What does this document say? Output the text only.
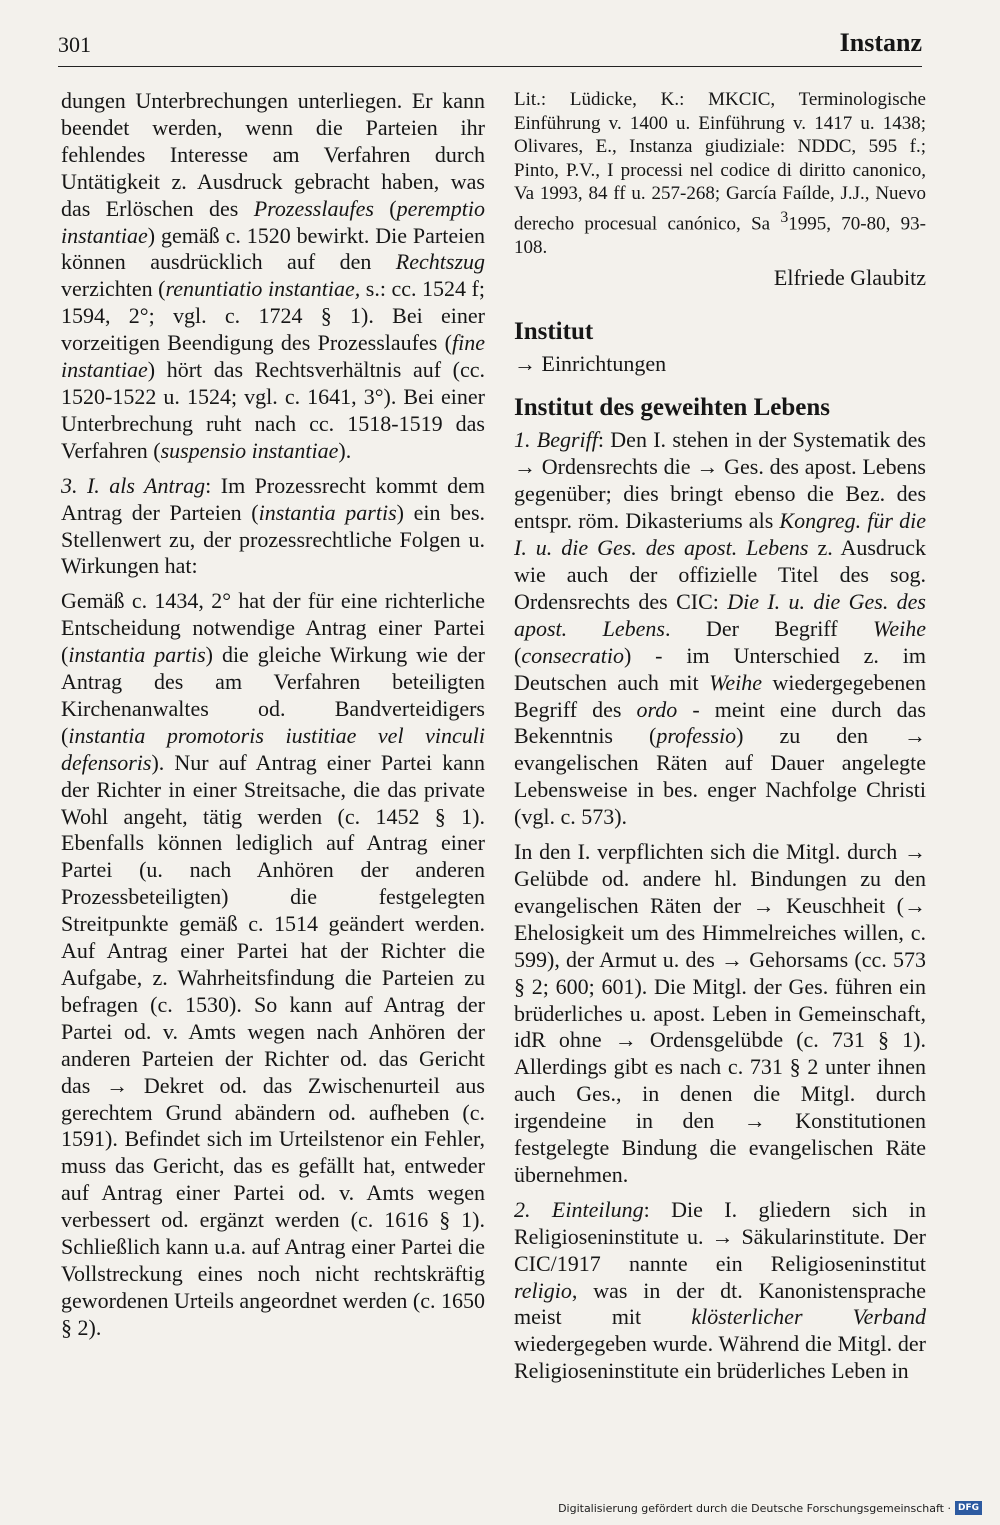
301	Instanz

dungen Unterbrechungen unterliegen. Er kann beendet werden, wenn die Parteien ihr fehlendes Interesse am Verfahren durch Untätigkeit z. Ausdruck gebracht haben, was das Erlöschen des Prozesslaufes (peremptio instantiae) gemäß c. 1520 bewirkt. Die Parteien können ausdrücklich auf den Rechtszug verzichten (renuntiatio instantiae, s.: cc. 1524 f; 1594, 2°; vgl. c. 1724 § 1). Bei einer vorzeitigen Beendigung des Prozesslaufes (fine instantiae) hört das Rechtsverhältnis auf (cc. 1520-1522 u. 1524; vgl. c. 1641, 3°). Bei einer Unterbrechung ruht nach cc. 1518-1519 das Verfahren (suspensio instantiae).

3. I. als Antrag: Im Prozessrecht kommt dem Antrag der Parteien (instantia partis) ein bes. Stellenwert zu, der prozessrechtliche Folgen u. Wirkungen hat:

Gemäß c. 1434, 2° hat der für eine richterliche Entscheidung notwendige Antrag einer Partei (instantia partis) die gleiche Wirkung wie der Antrag des am Verfahren beteiligten Kirchenanwaltes od. Bandverteidigers (instantia promotoris iustitiae vel vinculi defensoris). Nur auf Antrag einer Partei kann der Richter in einer Streitsache, die das private Wohl angeht, tätig werden (c. 1452 § 1). Ebenfalls können lediglich auf Antrag einer Partei (u. nach Anhören der anderen Prozessbeteiligten) die festgelegten Streitpunkte gemäß c. 1514 geändert werden. Auf Antrag einer Partei hat der Richter die Aufgabe, z. Wahrheitsfindung die Parteien zu befragen (c. 1530). So kann auf Antrag der Partei od. v. Amts wegen nach Anhören der anderen Parteien der Richter od. das Gericht das → Dekret od. das Zwischenurteil aus gerechtem Grund abändern od. aufheben (c. 1591). Befindet sich im Urteilstenor ein Fehler, muss das Gericht, das es gefällt hat, entweder auf Antrag einer Partei od. v. Amts wegen verbessert od. ergänzt werden (c. 1616 § 1). Schließlich kann u.a. auf Antrag einer Partei die Vollstreckung eines noch nicht rechtskräftig gewordenen Urteils angeordnet werden (c. 1650 § 2).

Lit.: Lüdicke, K.: MKCIC, Terminologische Einführung v. 1400 u. Einführung v. 1417 u. 1438; Olivares, E., Instanza giudiziale: NDDC, 595 f.; Pinto, P.V., I processi nel codice di diritto canonico, Va 1993, 84 ff u. 257-268; García Faílde, J.J., Nuevo derecho procesual canónico, Sa $^3$1995, 70-80, 93-108.

Elfriede Glaubitz

Institut
→ Einrichtungen
Institut des geweihten Lebens

1. Begriff: Den I. stehen in der Systematik des → Ordensrechts die → Ges. des apost. Lebens gegenüber; dies bringt ebenso die Bez. des entspr. röm. Dikasteriums als Kongreg. für die I. u. die Ges. des apost. Lebens z. Ausdruck wie auch der offizielle Titel des sog. Ordensrechts des CIC: Die I. u. die Ges. des apost. Lebens. Der Begriff Weihe (consecratio) - im Unterschied z. im Deutschen auch mit Weihe wiedergegebenen Begriff des ordo - meint eine durch das Bekenntnis (professio) zu den → evangelischen Räten auf Dauer angelegte Lebensweise in bes. enger Nachfolge Christi (vgl. c. 573).

In den I. verpflichten sich die Mitgl. durch → Gelübde od. andere hl. Bindungen zu den evangelischen Räten der → Keuschheit (→ Ehelosigkeit um des Himmelreiches willen, c. 599), der Armut u. des → Gehorsams (cc. 573 § 2; 600; 601). Die Mitgl. der Ges. führen ein brüderliches u. apost. Leben in Gemeinschaft, idR ohne → Ordensgelübde (c. 731 § 1). Allerdings gibt es nach c. 731 § 2 unter ihnen auch Ges., in denen die Mitgl. durch irgendeine in den → Konstitutionen festgelegte Bindung die evangelischen Räte übernehmen.

2. Einteilung: Die I. gliedern sich in Religioseninstitute u. → Säkularinstitute. Der CIC/1917 nannte ein Religioseninstitut religio, was in der dt. Kanonistensprache meist mit klösterlicher Verband wiedergegeben wurde. Während die Mitgl. der Religioseninstitute ein brüderliches Leben in

Digitalisierung gefördert durch die Deutsche Forschungsgemeinschaft · DFG
